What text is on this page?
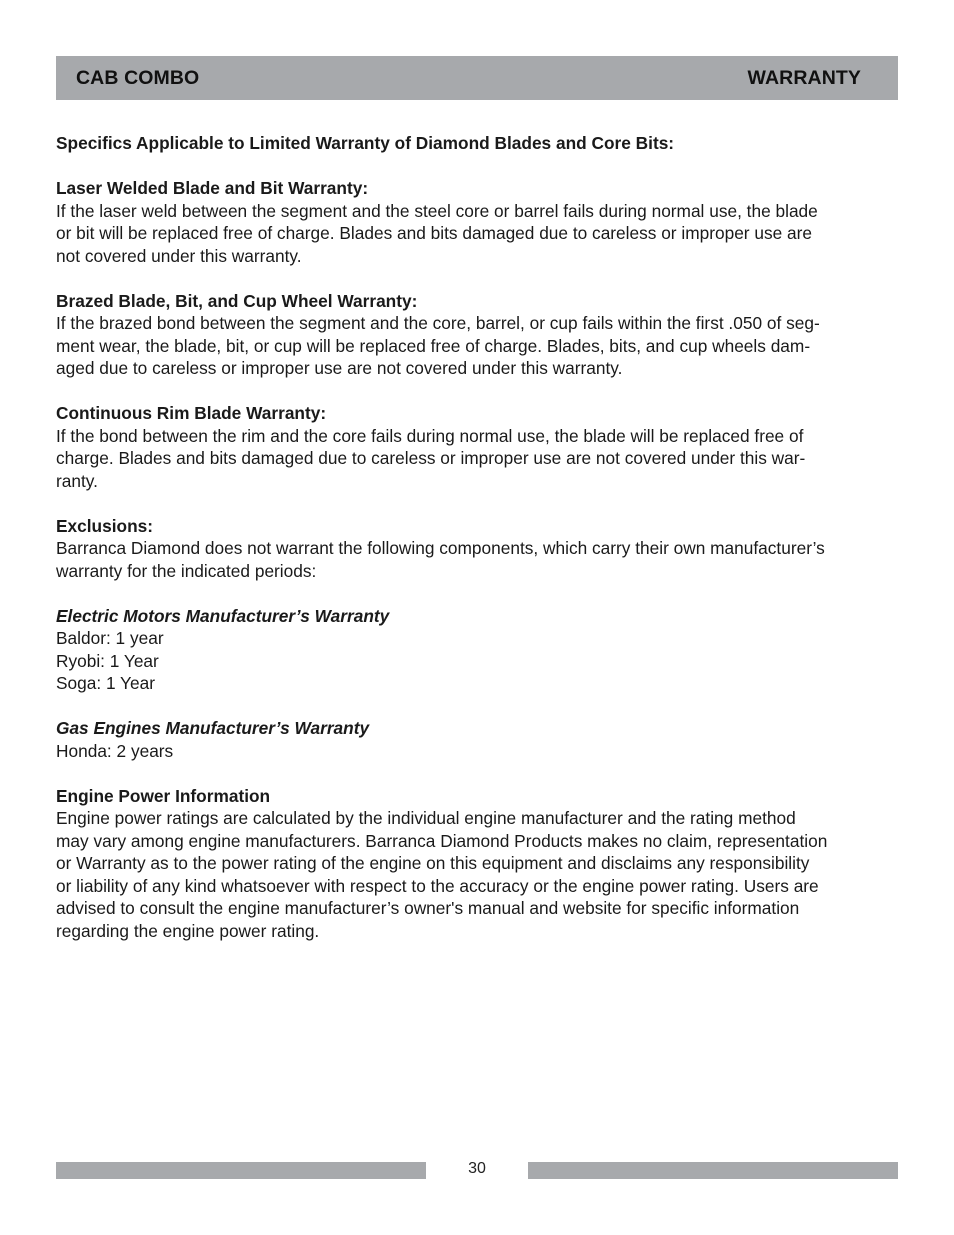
CAB COMBO	WARRANTY

Specifics Applicable to Limited Warranty of Diamond Blades and Core Bits:

Laser Welded Blade and Bit Warranty:

If the laser weld between the segment and the steel core or barrel fails during normal use, the blade

or bit will be replaced free of charge. Blades and bits damaged due to careless or improper use are

not covered under this warranty.

Brazed Blade, Bit, and Cup Wheel Warranty:

If the brazed bond between the segment and the core, barrel, or cup fails within the first .050 of seg-

ment wear, the blade, bit, or cup will be replaced free of charge. Blades, bits, and cup wheels dam-

aged due to careless or improper use are not covered under this warranty.

Continuous Rim Blade Warranty:

If the bond between the rim and the core fails during normal use, the blade will be replaced free of

charge. Blades and bits damaged due to careless or improper use are not covered under this war-

ranty.

Exclusions:

Barranca Diamond does not warrant the following components, which carry their own manufacturer’s

warranty for the indicated periods:

Electric Motors Manufacturer’s Warranty

Baldor: 1 year

Ryobi: 1 Year

Soga: 1 Year

Gas Engines Manufacturer’s Warranty

Honda: 2 years

Engine Power Information

Engine power ratings are calculated by the individual engine manufacturer and the rating method

may vary among engine manufacturers. Barranca Diamond Products makes no claim, representation

or Warranty as to the power rating of the engine on this equipment and disclaims any responsibility

or liability of any kind whatsoever with respect to the accuracy or the engine power rating. Users are

advised to consult the engine manufacturer’s owner's manual and website for specific information

regarding the engine power rating.

30
